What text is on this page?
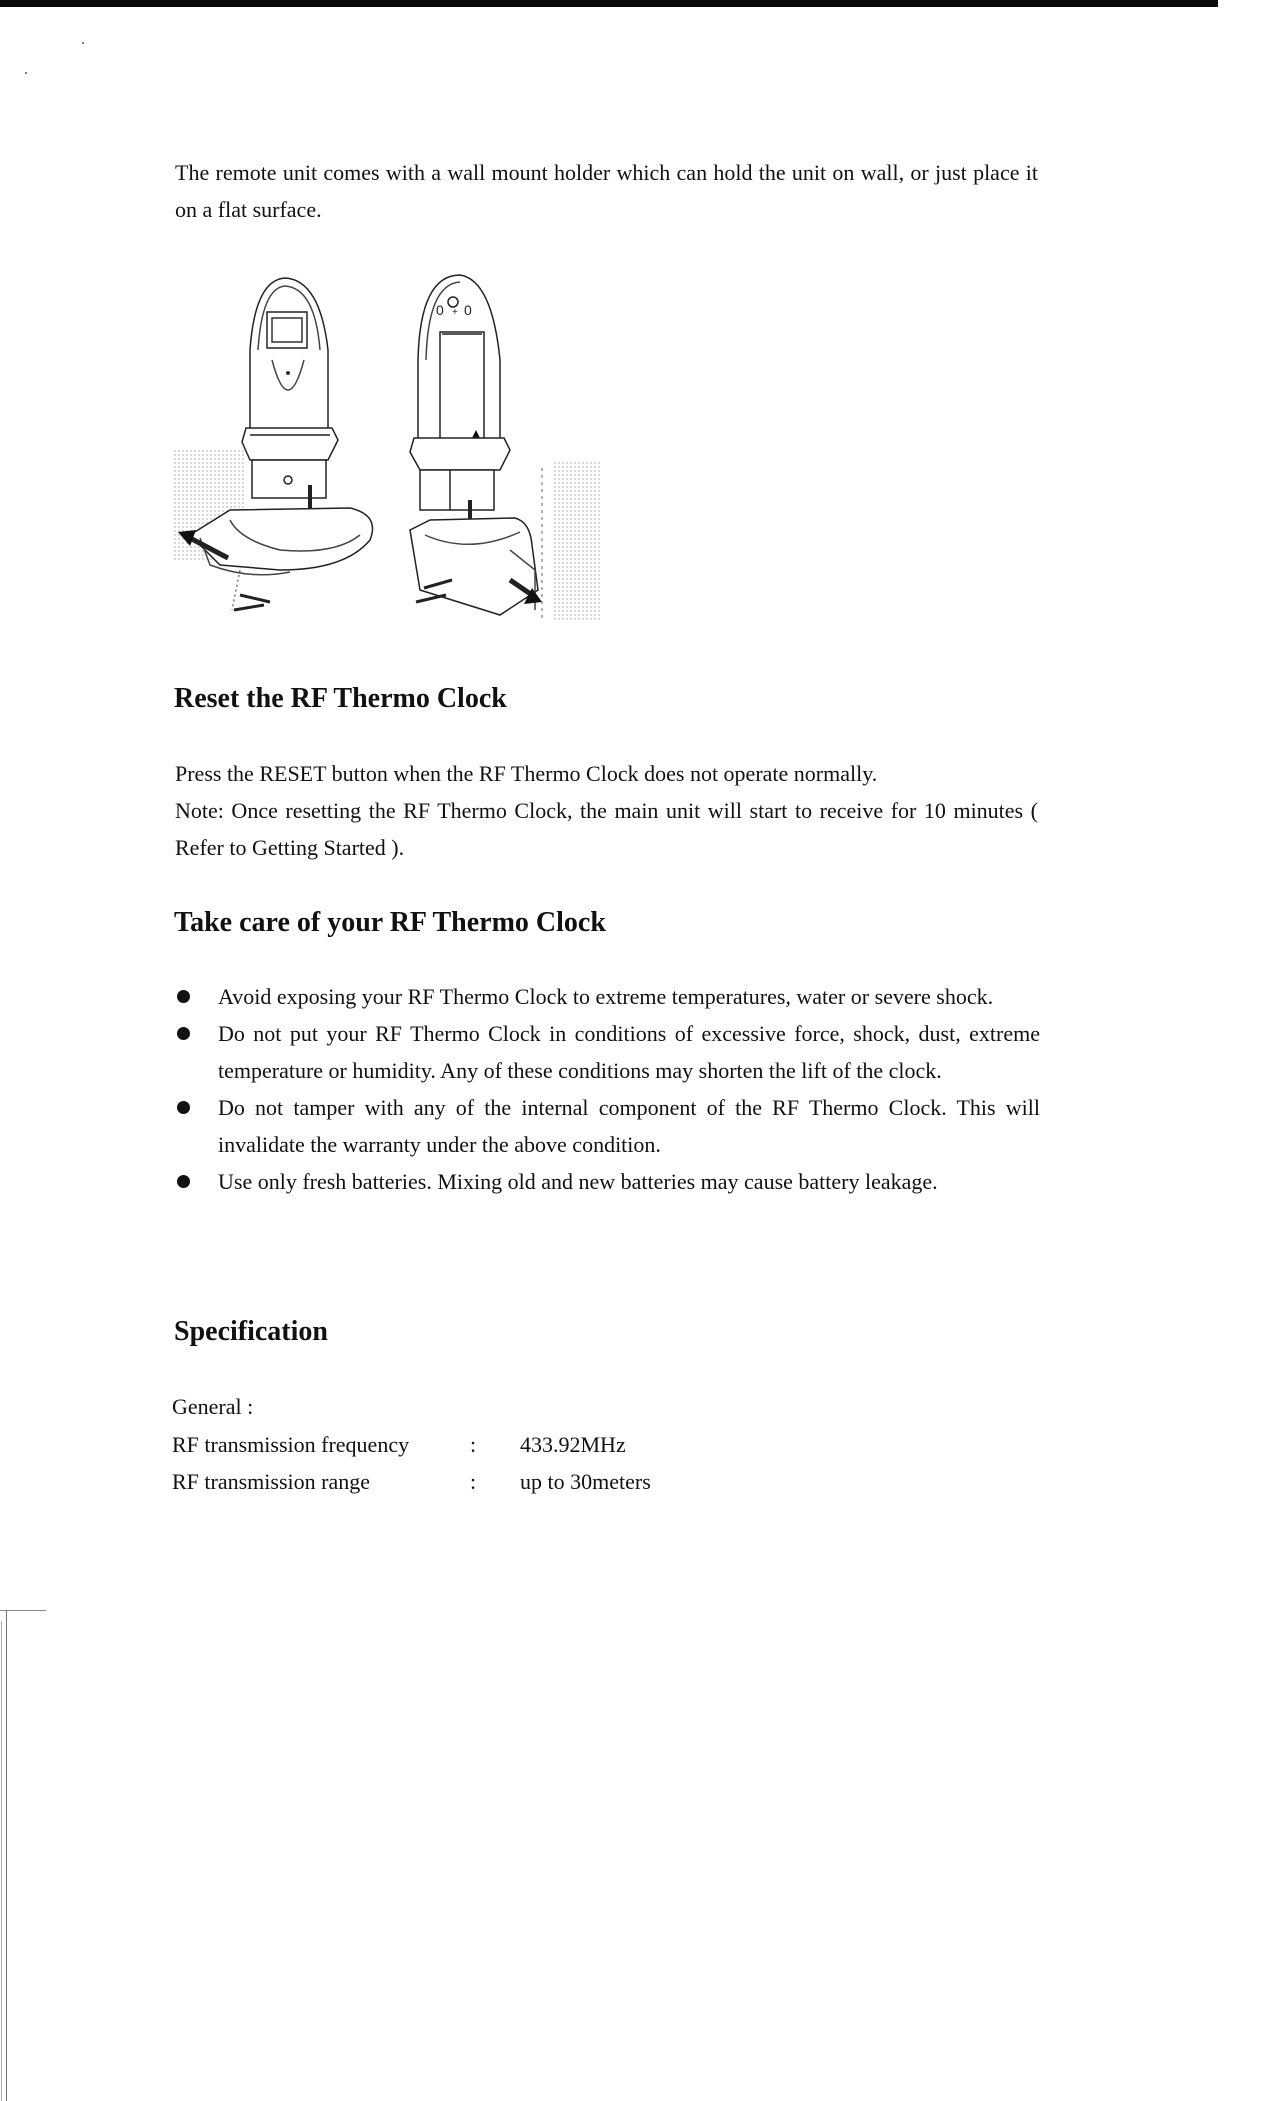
The remote unit comes with a wall mount holder which can hold the unit on wall, or just place it on a flat surface.

0 + 0
Reset the RF Thermo Clock

Press the RESET button when the RF Thermo Clock does not operate normally.

Note: Once resetting the RF Thermo Clock, the main unit will start to receive for 10 minutes ( Refer to Getting Started ).

Take care of your RF Thermo Clock
Avoid exposing your RF Thermo Clock to extreme temperatures, water or severe shock.
Do not put your RF Thermo Clock in conditions of excessive force, shock, dust, extreme temperature or humidity. Any of these conditions may shorten the lift of the clock.
Do not tamper with any of the internal component of the RF Thermo Clock. This will invalidate the warranty under the above condition.
Use only fresh batteries. Mixing old and new batteries may cause battery leakage.
Specification
General :
RF transmission frequency	: 433.92MHz
RF transmission range	: up to 30meters
